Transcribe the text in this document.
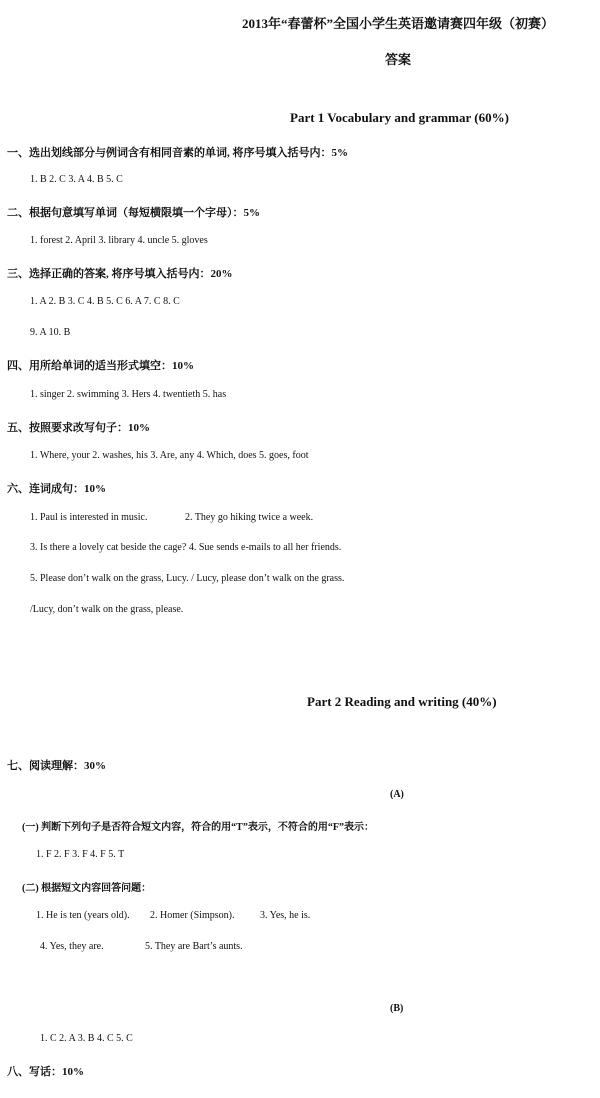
2013年“春蕾杯”全国小学生英语邀请赛四年级（初赛）
答案
Part 1 Vocabulary and grammar (60%)
一、选出划线部分与例词含有相同音素的单词, 将序号填入括号内：5%
1. B 2. C 3. A 4. B 5. C
二、根据句意填写单词（每短横限填一个字母）：5%
1. forest 2. April 3. library 4. uncle 5. gloves
三、选择正确的答案, 将序号填入括号内：20%
1. A 2. B 3. C 4. B 5. C 6. A 7. C 8. C
9. A 10. B
四、用所给单词的适当形式填空：10%
1. singer 2. swimming 3. Hers 4. twentieth 5. has
五、按照要求改写句子：10%
1. Where, your 2. washes, his 3. Are, any 4. Which, does 5. goes, foot
六、连词成句：10%
1. Paul is interested in music.	2. They go hiking twice a week.
3. Is there a lovely cat beside the cage? 4. Sue sends e-mails to all her friends.
5. Please don’t walk on the grass, Lucy. / Lucy, please don’t walk on the grass.
/Lucy, don’t walk on the grass, please.
Part 2 Reading and writing (40%)
七、阅读理解：30%
(A)
(一) 判断下列句子是否符合短文内容，符合的用“T”表示，不符合的用“F”表示：
1. F 2. F 3. F 4. F 5. T
(二) 根据短文内容回答问题：
1. He is ten (years old). 2. Homer (Simpson).	3. Yes, he is.
4. Yes, they are.	5. They are Bart’s aunts.
(B)
1. C 2. A 3. B 4. C 5. C
八、写话：10%
